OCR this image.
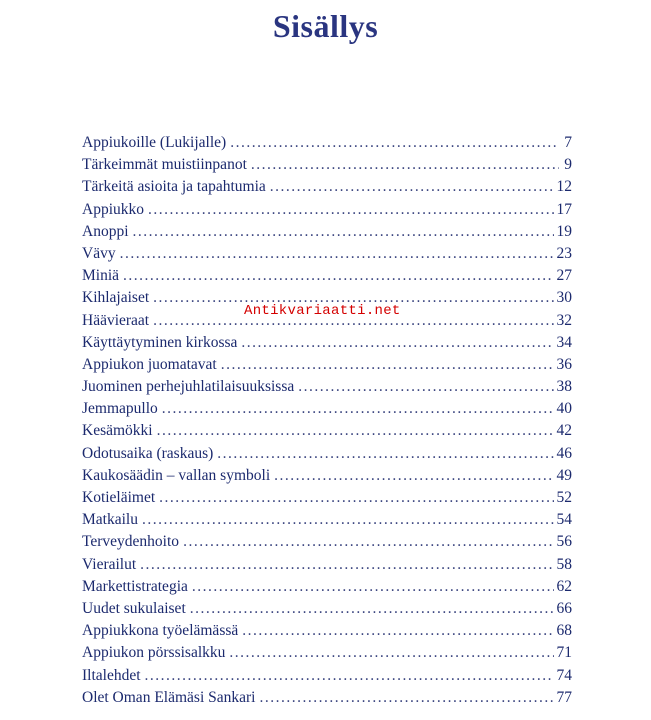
Sisällys
Appiukoille (Lukijalle) .....	7
Tärkeimmät muistiinpanot .....	9
Tärkeitä asioita ja tapahtumia .....	12
Appiukko .....	17
Anoppi .....	19
Vävy .....	23
Miniä .....	27
Kihlajaiset .....	30
Häävieraat .....	32
Käyttäytyminen kirkossa .....	34
Appiukon juomatavat .....	36
Juominen perhejuhlatilaisuuksissa .....	38
Jemmapullo .....	40
Kesämökki .....	42
Odotusaika (raskaus) .....	46
Kaukosäädin – vallan symboli .....	49
Kotieläimet .....	52
Matkailu .....	54
Terveydenhoito .....	56
Vierailut .....	58
Markettistrategia .....	62
Uudet sukulaiset .....	66
Appiukkona työelämässä .....	68
Appiukon pörssisalkku .....	71
Iltalehdet .....	74
Olet Oman Elämäsi Sankari .....	77
Antikvariaatti.net
